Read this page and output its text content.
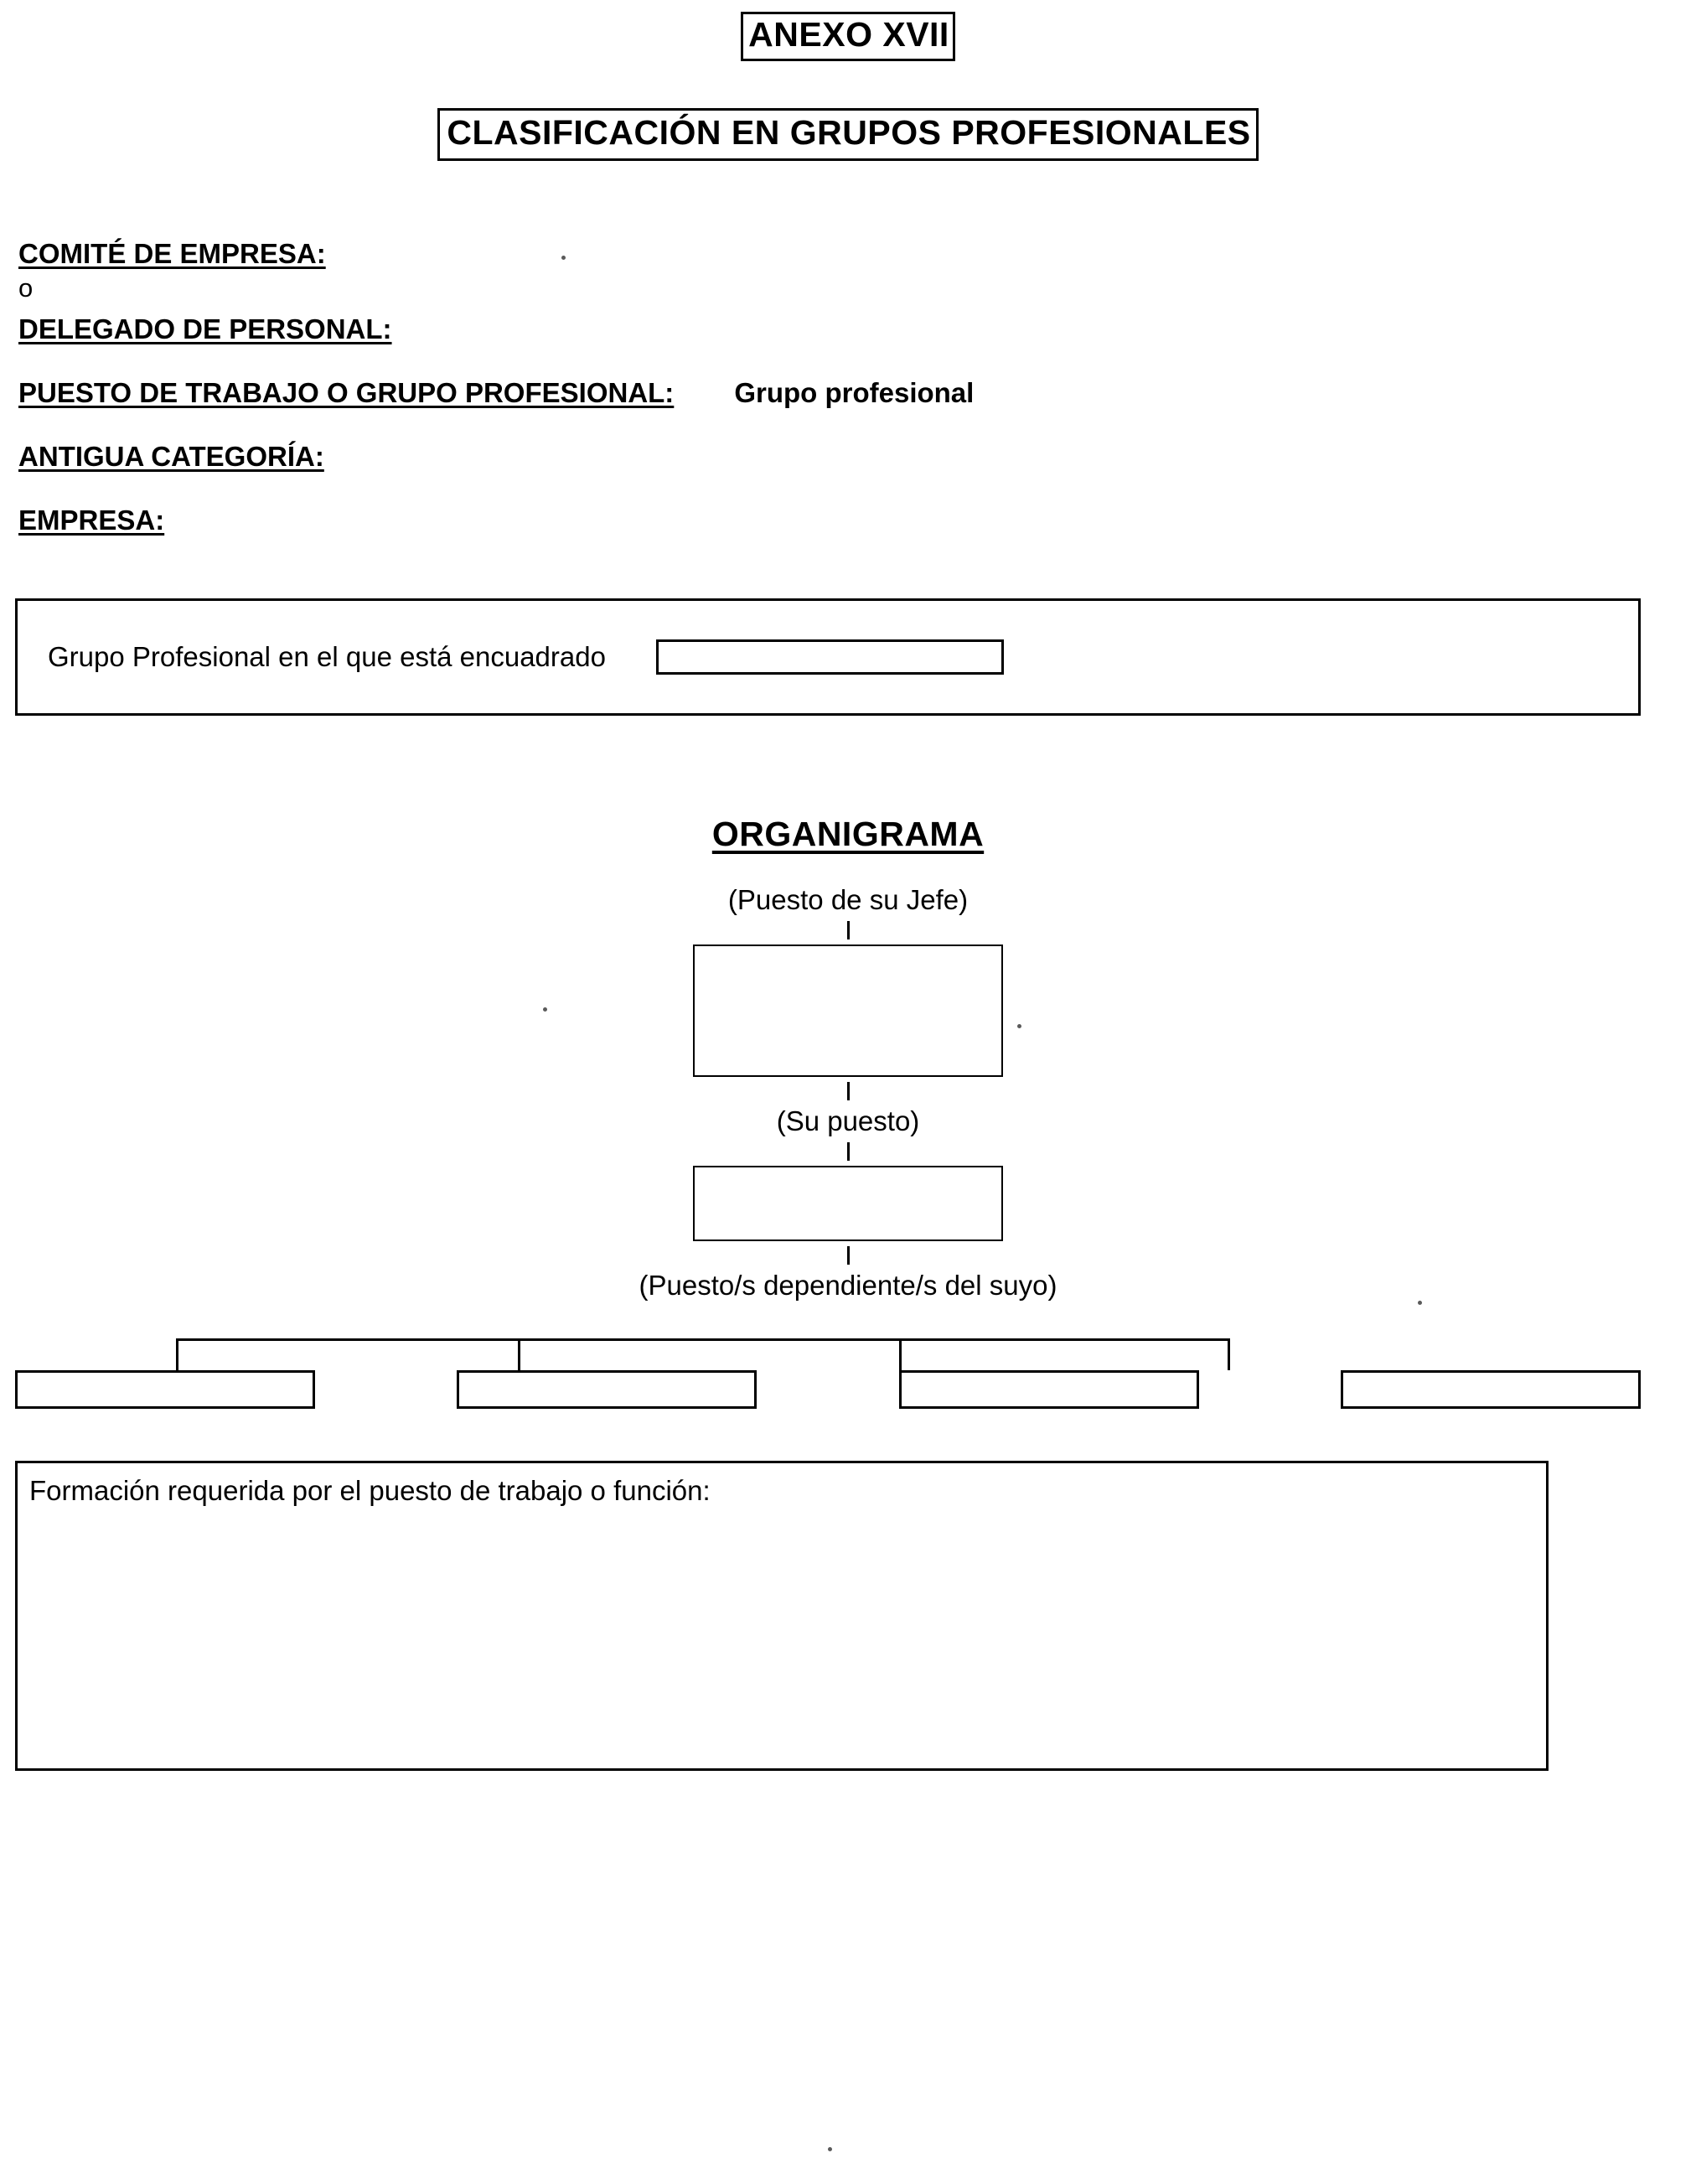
ANEXO XVII
CLASIFICACIÓN EN GRUPOS PROFESIONALES
COMITÉ DE EMPRESA:
o
DELEGADO DE PERSONAL:
PUESTO DE TRABAJO O GRUPO PROFESIONAL: Grupo profesional
ANTIGUA CATEGORÍA:
EMPRESA:
Grupo Profesional en el que está encuadrado
ORGANIGRAMA
(Puesto de su Jefe)
(Su puesto)
(Puesto/s dependiente/s del suyo)
Formación requerida por el puesto de trabajo o función:
